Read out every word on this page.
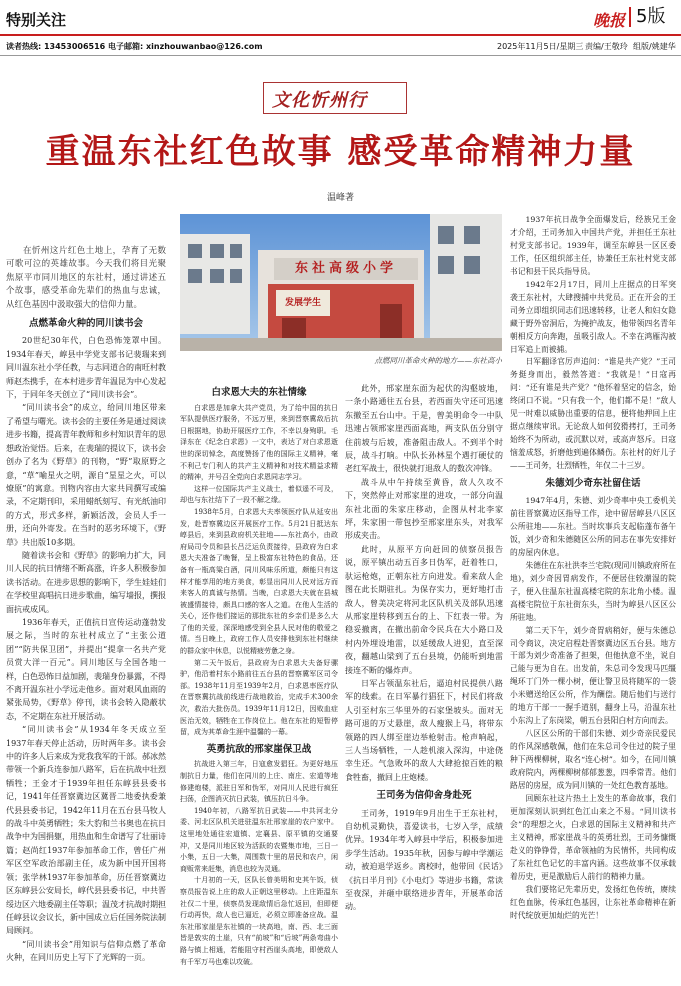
特别关注	晚报 5版
读者热线: 13453006516 电子邮箱: xinzhouwanbao@126.com	2025年11月5日/星期三 责编/王敬玲 组版/姚建华
文化忻州行
重温东社红色故事 感受革命精神力量
温峰著
东社高级小学
发展学生
点燃同川革命火种的地方——东社高小

在忻州这片红色土地上，孕育了无数可歌可泣的英雄故事。今天我们将目光聚焦原平市同川地区的东社村，通过讲述五个故事，感受革命先辈们的热血与忠诚，从红色基因中汲取强大的信仰力量。

点燃革命火种的同川读书会

20世纪30年代，白色恐怖笼罩中国。1934年春天，崞县中学党支部书记裴瑞来到同川温东社小学任教，与志同道合的南旺村教师赵杰携手，在本村进步青年温昆为中心发起下，于同年冬天创立了“同川读书会”。

“同川读书会”的成立，给同川地区带来了希望与曙光。读书会的主要任务是通过阅读进步书籍，提高青年教师和乡村知识青年的思想政治觉悟。后来，在裴瑞的提议下，读书会创办了名为《野草》的刊物，“野”取原野之意，“草”喻星火之明，源自“星星之火，可以燎原”的寓意。刊物内容由大家共同撰写或编录，不定期刊印，采用蜡纸刻写、有光纸油印的方式，形式多样，新颖活泼，会员人手一册，还向外寄发。在当时的恶劣环境下，《野草》共出版10多期。

随着读书会和《野草》的影响力扩大，同川人民的抗日情绪不断高涨，许多人积极参加读书活动。在进步思想的影响下，学生娃娃们在学校里高唱抗日进步歌曲，编写墙报，撰报面抗戒成风。

1936年春天，正值抗日宣传运动蓬勃发展之际，当时的东社村成立了“主张公道团”“防共保卫团”，并提出“提拿一名共产党员赏大洋一百元”。同川地区与全国各地一样，白色恐怖日益加剧，裴瑞身份暴露，不得不离开温东社小学远走他乡。面对艰风血雨的紧张局势，《野草》停刊，读书会转入隐蔽状态，不定期在东社开展活动。

“同川读书会”从1934年冬天成立至1937年春天停止活动，历时两年多。读书会中的许多人后来成为党我我军的干部。郝冰然带领一个新兵连参加八路军，后在抗战中壮烈牺牲；王金才于1939年担任东崞县县委书记，1941年任晋察冀边区冀晋二地委执委兼代县县委书记，1942年11月在五台县马牧人的战斗中英勇牺牲；朱大豹和兰书奥也在抗日战争中为国捐躯，用热血和生命谱写了壮丽诗篇；赵尚红1937年参加革命工作，曾任广州军区空军政治部副主任，成为新中国开国将领；张学林1937年参加革命，历任晋察冀边区东崞县公安局长，崞代县县委书记，中共晋绥边区六地委副主任等职；温茂才抗战时期担任崞县议会议长，新中国成立后任国务院法制局顾问。

“同川读书会”用知识与信仰点燃了革命火种，在同川历史上写下了光辉的一页。

白求恩大夫的东社情缘

白求恩是加拿大共产党员，为了给中国的抗日军队提供医疗服务，不远万里，来到晋察冀敌后抗日根据地，协助开展医疗工作，不幸以身殉职。毛泽东在《纪念白求恩》一文中，表达了对白求恩逝世的深切悼念，高度赞扬了他的国际主义精神，毫不利己专门利人的共产主义精神和对技术精益求精的精神，并号召全党向白求恩同志学习。

这样一位国际共产主义战士，着似遥不可及，却也与东社结下了一段不解之缘。

1938年5月，白求恩大夫率领医疗队从延安出发，赴晋察冀边区开展医疗工作。5月21日抵达东崞县后，来到县政府机关驻地——东社高小，由政府局司令员和县长吕泛运负责接待，县政府为白求恩大夫准备了晚餐，呈上极富东社特色的食品，还备有一瓶高粱白酒，同川风味乐所道，颇能只有这样才能享用的地方美食，彰显出同川人民对远方而来客人的真诚与热情。当晚，白求恩大夫就在县城被盛情接待，颇具口感的客人之道。在他人生活的关心，还作他们接运的那批东社的乡亲们是多么大了他的关爱，深深地感受到全县人民对他的敬爱之情。当日晚上，政府工作人员安排他到东社村继续的群众家中休息，以悦精疲劳惫之身。

第二天午饭后，县政府为白求恩大夫备好骡驴，他沿着村东小路前往五台县的晋察冀军区司令部。1938年11月至1939年2月，白求恩率医疗队在晋察冀抗战前线进行战地救治，完成手术300余次，救治大批伤员。1939年11月12日，因败血症医治无效，牺牲在工作岗位上。他在东社的短暂停留，成为其革命生涯中温馨的一幕。

英勇抗敌的邢家崖保卫战

抗战进入第三年，日寇愈发猖狂。为更好地压制抗日力量，他们在同川的上庄、南庄、宏道等地修建炮楼，派驻日军和伪军，对同川人民进行疯狂扫荡，企图消灭抗日武装，镇压抗日斗争。

1940年初，八路军抗日武装——中共河北分委、河北区队机关进驻温东社邢家崖的农户家中。这里地处通往宏道镇、定襄县、原平镇的交通要冲，又是同川地区较为活跃的农暨集市地，三日一小集，五日一大集，周围数十里的居民和农户，闲商贩常来赶集，消息也较为灵通。

十月初的一天，区队长曾美明和史其午饭，侦察员报告说上庄的敌人正朝这里移动。上庄距温东社仅二十里，侦察员发现敌情后急忙返回，但即便行动再快，敌人也已逼近，必须立即准备应战。温东社邢家崖是东社镇的一块高地，南、西、北三面皆是敦实的土崖，只有“前坡”和“后坡”两条弯曲小路与镇上相通，若能阻守村西崖头高地，即使敌人有千军万马也难以攻破。

此外，邢家崖东面为起伏的沟壑坡地，一条小路通往五台县，若西面失守还可迅速东撤至五台山中。于是，曾美明命令一中队迅速占领邢家崖西面高地，两支队伍分别守住前坡与后坡，准备阻击敌人。不到半个时辰，战斗打响。中队长孙林星个遇打硬仗的老红军战士，很快就打退敌人的数次冲锋。

战斗从中午持续至黄昏，敌人久攻不下，突然停止对邢家崖的进攻，一部分向温东社北面的朱家庄移动，企图从村北李家坪，朱家围一带包抄至邢家崖东头，对我军形成夹击。

此时，从原平方向赶回的侦察员报告说，原平镇出动五百多日伪军，赶着牲口，驮运枪炮，正朝东社方向进发。看来敌人企图在此长期驻扎。为保存实力，更好地打击敌人，曾美决定将河北区队机关及部队迅速从邢家崖转移到五台的上、下红表一带。为稳妥撤离，在撤出前命令民兵在大小路口及村内外埋设地雷，以延缓敌人进犯，直至深夜，翻越山梁到了五台县境，仍能听到地雷接连不断的爆炸声。

日军占领温东社后，逼迫村民提供八路军的线索。在日军暴行猖狂下，村民们将敌人引至村东三华里外的石家堡坡头。面对无路可退的万丈悬崖，敌人瘦猴上马，将带东领路的四人绑至崖边举枪射击。枪声响起，三人当场牺牲，一人趁机滚入深沟，中途侥幸生还。气急败坏的敌人大肆抢掠百姓的粮食牲畜，撤回上庄炮楼。

王司务为信仰舍身赴死

王司务，1919年9月出生于王东社村，自幼机灵勤快，喜爱读书，七岁入学，成绩优异。1934年考入崞县中学后，积极参加进步学生活动。1935年秋，因参与崞中学潮运动，被迫退学返乡。离校时，他带回《民话》《抗日半月刊》《小电灯》等进步书籍，常读至夜深，并砸中联络进步青年，开展革命活动。

1937年抗日战争全面爆发后，经族兄王金才介绍，王司务加入中国共产党，并担任王东社村党支部书记。1939年，调至东崞县一区区委工作，任区组织部主任，协兼任王东社村党支部书记和县干民兵指导员。

1942年2月17日，同川上庄据点的日军突袭王东社村，大肆搜捕中共党员。正在开会的王司务立即组织同志们迅速转移，让老人和妇女隐藏于野外窑洞后，为掩护战友，他带领四名青年朝相反方向奔跑，虽吸引敌人。不幸在鸿雁沟被日军追上而被捕。

日军翻译官厉声追问：“谁是共产党？”王司务挺身而出，毅然答道：“我就是！”日寇再问：“还有谁是共产党？”他怀着坚定的信念，始终闭口不说。“只有我一个，他们都不是！”敌人见一时难以威胁出重要的信息，便将他押回上庄据点继续审讯。无论敌人如何狡猾拷打，王司务始终不为所动，或沉默以对，或高声怒斥。日寇恼羞成怒，折磨他到遍体鳞伤。东社村的好儿子——王司务，壮烈牺牲，年仅二十三岁。

朱德刘少奇东社留住话

1947年4月，朱德、刘少奇率中央工委机关前往晋察冀边区指导工作，途中留居崞县八区区公所驻地——东社。当时坎事兵支起临蓬布备午饭，刘少奇和朱德随区公所的同志在事先安排好的房屋内休息。

朱德住在东社洪李兰宅院(现同川镇政府所在地)，刘少奇因胃病发作，不便居住较潮湿的院子，便入住温东社温高楼宅院的东北角小楼。温高楼宅院位于东社街东头，当时为崞县八区区公所驻地。

第二天下午，刘少奇胃病稍好，便与朱德总司令商议，决定启程赴晋察冀边区五台县。地方干部为刘少奇准备了担架，但他执意不坐，说自己能与更为自在。出发前，朱总司令发现马匹缰绳环丁门外一棵小树，便让警卫员将随军的一袋小米赠送给区公所，作为酬偿。随后他们与送行的地方干部一一握手道别，翻身上马，沿温东社小东沟上了东岗梁，朝五台县阳白村方向而去。

八区区公所的干部们朱德、刘少奇亲民爱民的作风深感敬佩，他们在朱总司令住过的院子里种下两棵柳树，取名“连心树”。如今，在同川镇政府院内，两棵柳树郁郁葱葱，四季常青。他们路居的房屋，成为同川镇的一处红色教育基地。

回顾东社这片热土上发生的革命故事，我们更加深刻认识到红色江山来之不易。“同川读书会”的理想之火，白求恩的国际主义精神和共产主义精神，邢家崖战斗的英勇壮烈，王司务慷慨赴义的铮铮骨，革命领袖的为民情怀，共同构成了东社红色记忆的丰富内涵。这些故事不仅承载着历史，更是激励后人前行的精神力量。

我们要铭记先辈历史，发扬红色传统，赓续红色血脉，传承红色基因，让东社革命精神在新时代绽放更加灿烂的光芒！
